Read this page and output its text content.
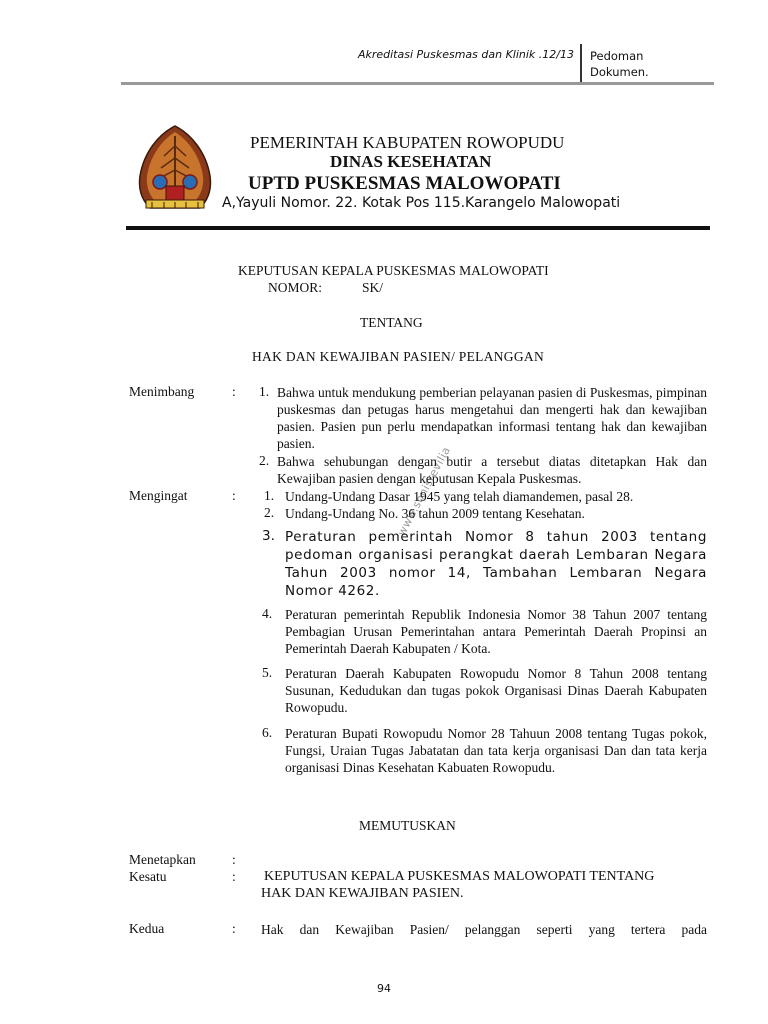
Akreditasi Puskesmas dan Klinik .12/13 Pedoman
Dokumen.
PEMERINTAH KABUPATEN ROWOPUDU
DINAS KESEHATAN
UPTD PUSKESMAS MALOWOPATI
A,Yayuli Nomor. 22. Kotak Pos 115.Karangelo Malowopati
KEPUTUSAN KEPALA PUSKESMAS MALOWOPATI
NOMOR:	SK/
TENTANG
HAK DAN KEWAJIBAN PASIEN/ PELANGGAN
www.sonisrevilia
Menimbang	: 1. Bahwa untuk mendukung pemberian pelayanan pasien di Puskesmas, pimpinan puskesmas dan petugas harus mengetahui dan mengerti hak dan kewajiban pasien. Pasien pun perlu mendapatkan informasi tentang hak dan kewajiban pasien.
2. Bahwa sehubungan dengan butir a tersebut diatas ditetapkan Hak dan Kewajiban pasien dengan keputusan Kepala Puskesmas.
Mengingat	: 1. Undang-Undang Dasar 1945 yang telah diamandemen, pasal 28.
2. Undang-Undang No. 36 tahun 2009 tentang Kesehatan.
3. Peraturan pemerintah Nomor 8 tahun 2003 tentang pedoman organisasi perangkat daerah Lembaran Negara Tahun 2003 nomor 14, Tambahan Lembaran Negara Nomor 4262.
4. Peraturan pemerintah Republik Indonesia Nomor 38 Tahun 2007 tentang Pembagian Urusan Pemerintahan antara Pemerintah Daerah Propinsi an Pemerintah Daerah Kabupaten / Kota.
5. Peraturan Daerah Kabupaten Rowopudu Nomor 8 Tahun 2008 tentang Susunan, Kedudukan dan tugas pokok Organisasi Dinas Daerah Kabupaten Rowopudu.
6. Peraturan Bupati Rowopudu Nomor 28 Tahuun 2008 tentang Tugas pokok, Fungsi, Uraian Tugas Jabatatan dan tata kerja organisasi Dan dan tata kerja organisasi Dinas Kesehatan Kabuaten Rowopudu.
MEMUTUSKAN
Menetapkan	:
Kesatu	: KEPUTUSAN KEPALA PUSKESMAS MALOWOPATI TENTANG
HAK DAN KEWAJIBAN PASIEN.
Kedua	: Hak dan Kewajiban Pasien/ pelanggan seperti yang tertera pada
94
